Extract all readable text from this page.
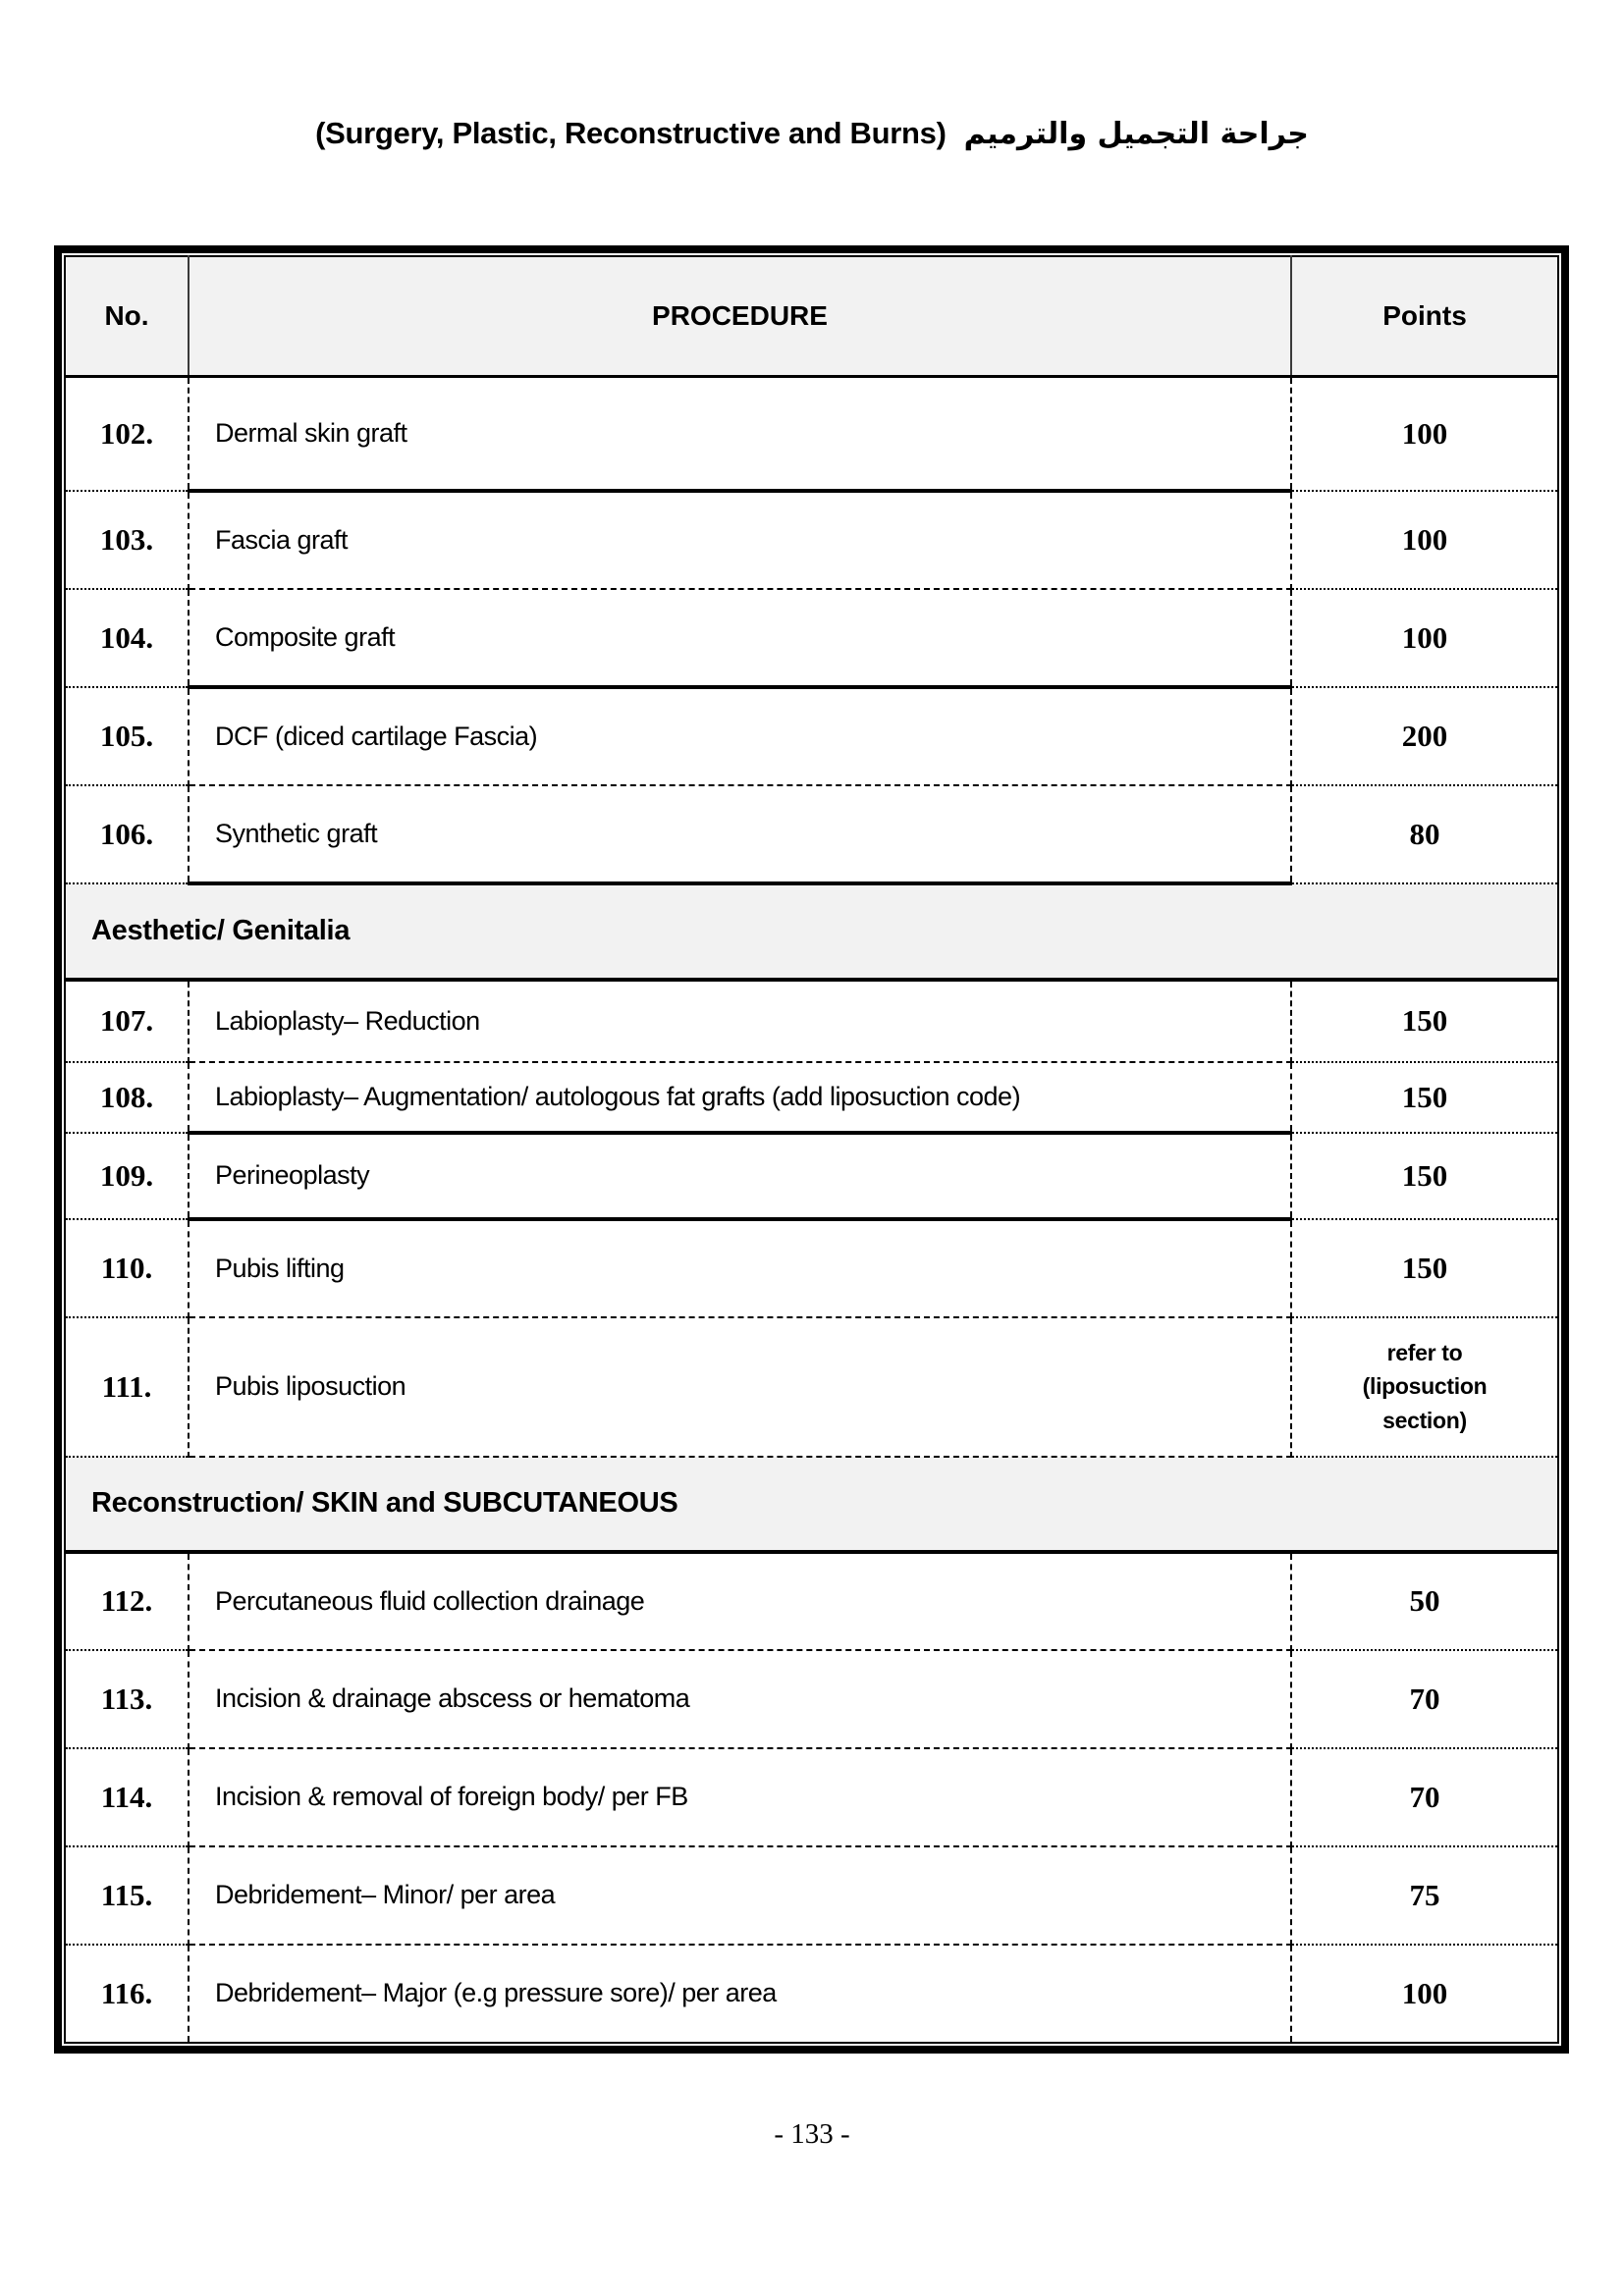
(Surgery, Plastic, Reconstructive and Burns) جراحة التجميل والترميم
No.	PROCEDURE	Points
102.	Dermal skin graft	100
103.	Fascia graft	100
104.	Composite graft	100
105.	DCF (diced cartilage Fascia)	200
106.	Synthetic graft	80
Aesthetic/ Genitalia		
107.	Labioplasty– Reduction	150
108.	Labioplasty– Augmentation/ autologous fat grafts (add liposuction code)	150
109.	Perineoplasty	150
110.	Pubis lifting	150
111.	Pubis liposuction	refer to
(liposuction
section)

Reconstruction/ SKIN and SUBCUTANEOUS		
112.	Percutaneous fluid collection drainage	50
113.	Incision & drainage abscess or hematoma	70
114.	Incision & removal of foreign body/ per FB	70
115.	Debridement– Minor/ per area	75
116.	Debridement– Major (e.g pressure sore)/ per area	100
- 133 -
